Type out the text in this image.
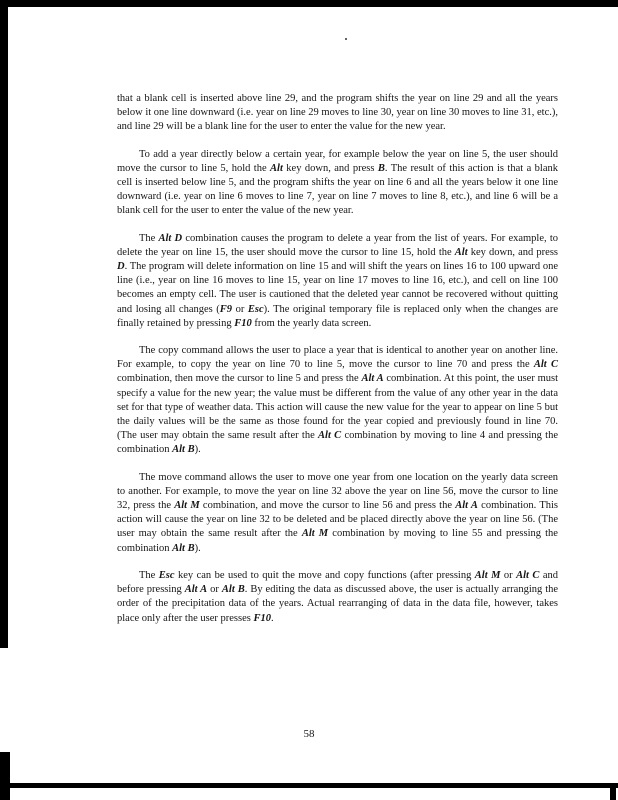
that a blank cell is inserted above line 29, and the program shifts the year on line 29 and all the years below it one line downward (i.e. year on line 29 moves to line 30, year on line 30 moves to line 31, etc.), and line 29 will be a blank line for the user to enter the value for the new year.

To add a year directly below a certain year, for example below the year on line 5, the user should move the cursor to line 5, hold the Alt key down, and press B. The result of this action is that a blank cell is inserted below line 5, and the program shifts the year on line 6 and all the years below it one line downward (i.e. year on line 6 moves to line 7, year on line 7 moves to line 8, etc.), and line 6 will be a blank cell for the user to enter the value of the new year.

The Alt D combination causes the program to delete a year from the list of years. For example, to delete the year on line 15, the user should move the cursor to line 15, hold the Alt key down, and press D. The program will delete information on line 15 and will shift the years on lines 16 to 100 upward one line (i.e., year on line 16 moves to line 15, year on line 17 moves to line 16, etc.), and cell on line 100 becomes an empty cell. The user is cautioned that the deleted year cannot be recovered without quitting and losing all changes (F9 or Esc). The original temporary file is replaced only when the changes are finally retained by pressing F10 from the yearly data screen.

The copy command allows the user to place a year that is identical to another year on another line. For example, to copy the year on line 70 to line 5, move the cursor to line 70 and press the Alt C combination, then move the cursor to line 5 and press the Alt A combination. At this point, the user must specify a value for the new year; the value must be different from the value of any other year in the data set for that type of weather data. This action will cause the new value for the year to appear on line 5 but the daily values will be the same as those found for the year copied and previously found in line 70. (The user may obtain the same result after the Alt C combination by moving to line 4 and pressing the combination Alt B).

The move command allows the user to move one year from one location on the yearly data screen to another. For example, to move the year on line 32 above the year on line 56, move the cursor to line 32, press the Alt M combination, and move the cursor to line 56 and press the Alt A combination. This action will cause the year on line 32 to be deleted and be placed directly above the year on line 56. (The user may obtain the same result after the Alt M combination by moving to line 55 and pressing the combination Alt B).

The Esc key can be used to quit the move and copy functions (after pressing Alt M or Alt C and before pressing Alt A or Alt B. By editing the data as discussed above, the user is actually arranging the order of the precipitation data of the years. Actual rearranging of data in the data file, however, takes place only after the user presses F10.

58
